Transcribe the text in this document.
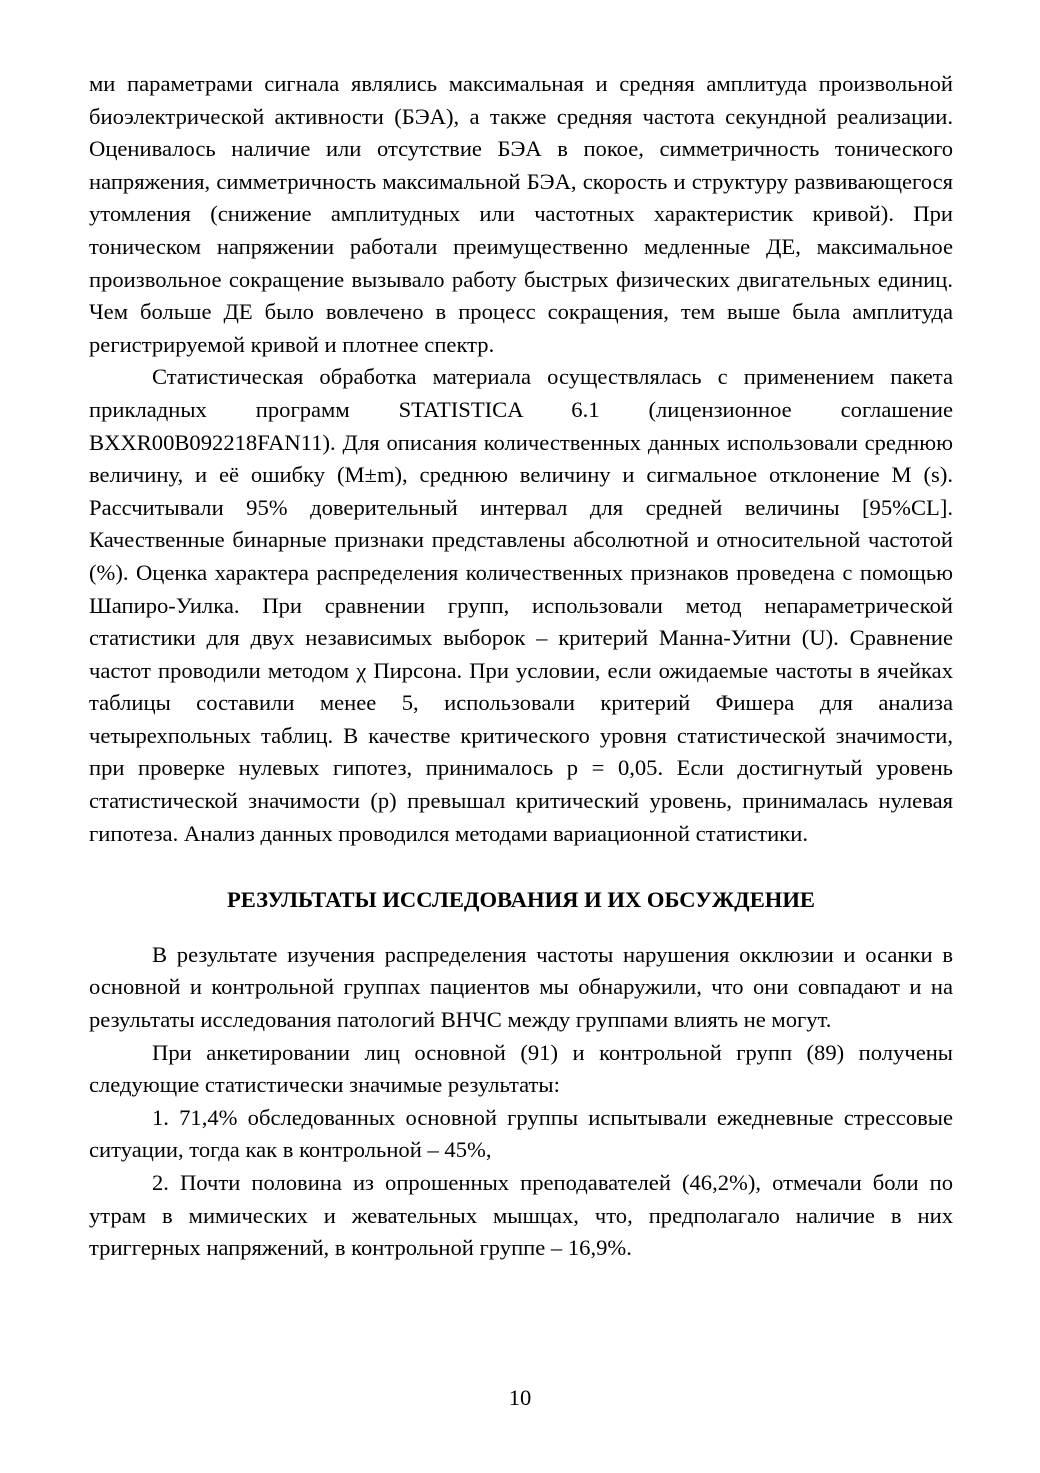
ми параметрами сигнала являлись максимальная и средняя амплитуда произвольной биоэлектрической активности (БЭА), а также средняя частота секундной реализации. Оценивалось наличие или отсутствие БЭА в покое, симметричность тонического напряжения, симметричность максимальной БЭА, скорость и структуру развивающегося утомления (снижение амплитудных или частотных характеристик кривой). При тоническом напряжении работали преимущественно медленные ДЕ, максимальное произвольное сокращение вызывало работу быстрых физических двигательных единиц. Чем больше ДЕ было вовлечено в процесс сокращения, тем выше была амплитуда регистрируемой кривой и плотнее спектр.

Статистическая обработка материала осуществлялась с применением пакета прикладных программ STATISTICA 6.1 (лицензионное соглашение BXXR00B092218FAN11). Для описания количественных данных использовали среднюю величину, и её ошибку (M±m), среднюю величину и сигмальное отклонение M (s). Рассчитывали 95% доверительный интервал для средней величины [95%CL]. Качественные бинарные признаки представлены абсолютной и относительной частотой (%). Оценка характера распределения количественных признаков проведена с помощью Шапиро-Уилка. При сравнении групп, использовали метод непараметрической статистики для двух независимых выборок – критерий Манна-Уитни (U). Сравнение частот проводили методом χ Пирсона. При условии, если ожидаемые частоты в ячейках таблицы составили менее 5, использовали критерий Фишера для анализа четырехпольных таблиц. В качестве критического уровня статистической значимости, при проверке нулевых гипотез, принималось p = 0,05. Если достигнутый уровень статистической значимости (p) превышал критический уровень, принималась нулевая гипотеза. Анализ данных проводился методами вариационной статистики.

РЕЗУЛЬТАТЫ ИССЛЕДОВАНИЯ И ИХ ОБСУЖДЕНИЕ

В результате изучения распределения частоты нарушения окклюзии и осанки в основной и контрольной группах пациентов мы обнаружили, что они совпадают и на результаты исследования патологий ВНЧС между группами влиять не могут.

При анкетировании лиц основной (91) и контрольной групп (89) получены следующие статистически значимые результаты:

1. 71,4% обследованных основной группы испытывали ежедневные стрессовые ситуации, тогда как в контрольной – 45%,

2. Почти половина из опрошенных преподавателей (46,2%), отмечали боли по утрам в мимических и жевательных мышцах, что, предполагало наличие в них триггерных напряжений, в контрольной группе – 16,9%.

10
